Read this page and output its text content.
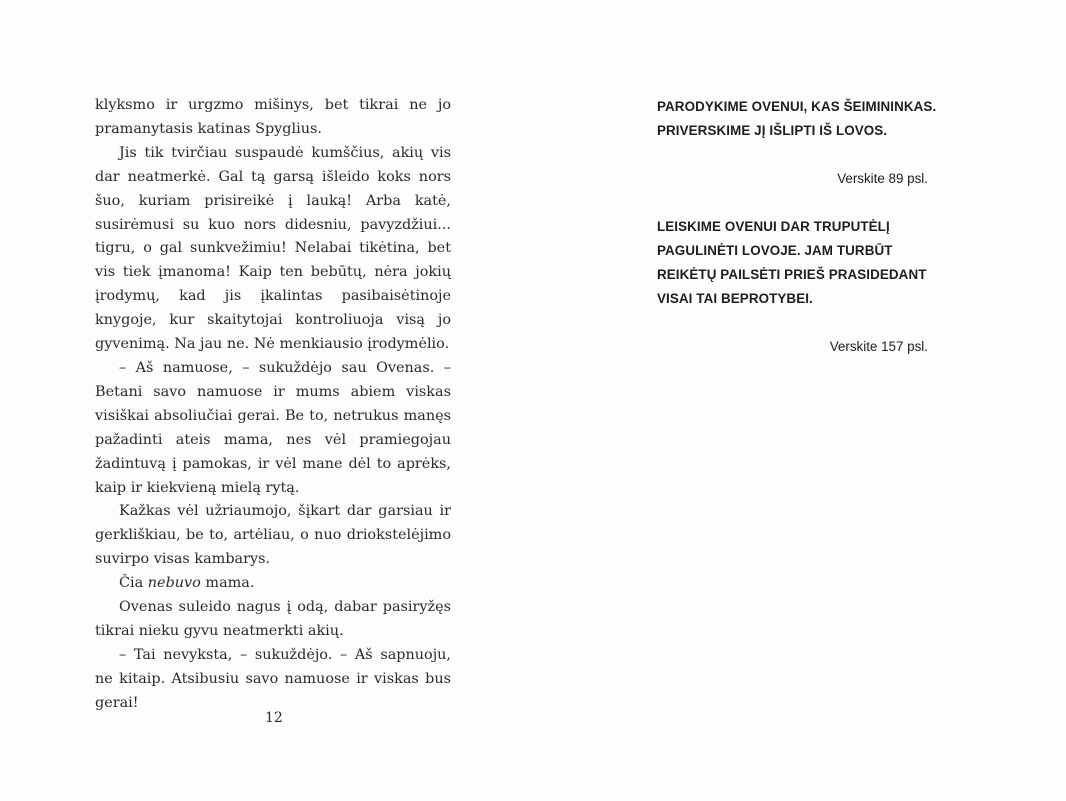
klyksmo ir urgzmo mišinys, bet tikrai ne jo pramanytasis katinas Spyglius.

Jis tik tvirčiau suspaudė kumščius, akių vis dar neatmerkė. Gal tą garsą išleido koks nors šuo, kuriam prisireikė į lauką! Arba katė, susirėmusi su kuo nors didesniu, pavyzdžiui... tigru, o gal sunkvežimiu! Nelabai tikėtina, bet vis tiek įmanoma! Kaip ten bebūtų, nėra jokių įrodymų, kad jis įkalintas pasibaisėtinoje knygoje, kur skaitytojai kontroliuoja visą jo gyvenimą. Na jau ne. Nė menkiausio įrodymėlio.

– Aš namuose, – sukuždėjo sau Ovenas. – Betani savo namuose ir mums abiem viskas visiškai absoliučiai gerai. Be to, netrukus manęs pažadinti ateis mama, nes vėl pramiegojau žadintuvą į pamokas, ir vėl mane dėl to aprėks, kaip ir kiekvieną mielą rytą.

Kažkas vėl užriaumojo, šįkart dar garsiau ir gerkliškiau, be to, artėliau, o nuo driokstelėjimo suvirpo visas kambarys.

Čia nebuvo mama.

Ovenas suleido nagus į odą, dabar pasiryžęs tikrai nieku gyvu neatmerkti akių.

– Tai nevyksta, – sukuždėjo. – Aš sapnuoju, ne kitaip. Atsibusiu savo namuose ir viskas bus gerai!

12
PARODYKIME OVENUI, KAS ŠEIMININKAS.
PRIVERSKIME JĮ IŠLIPTI IŠ LOVOS.
Verskite 89 psl.
LEISKIME OVENUI DAR TRUPUTĖLĮ
PAGULINĖTI LOVOJE. JAM TURBŪT
REIKĖTŲ PAILSĖTI PRIEŠ PRASIDEDANT
VISAI TAI BEPROTYBEI.
Verskite 157 psl.
